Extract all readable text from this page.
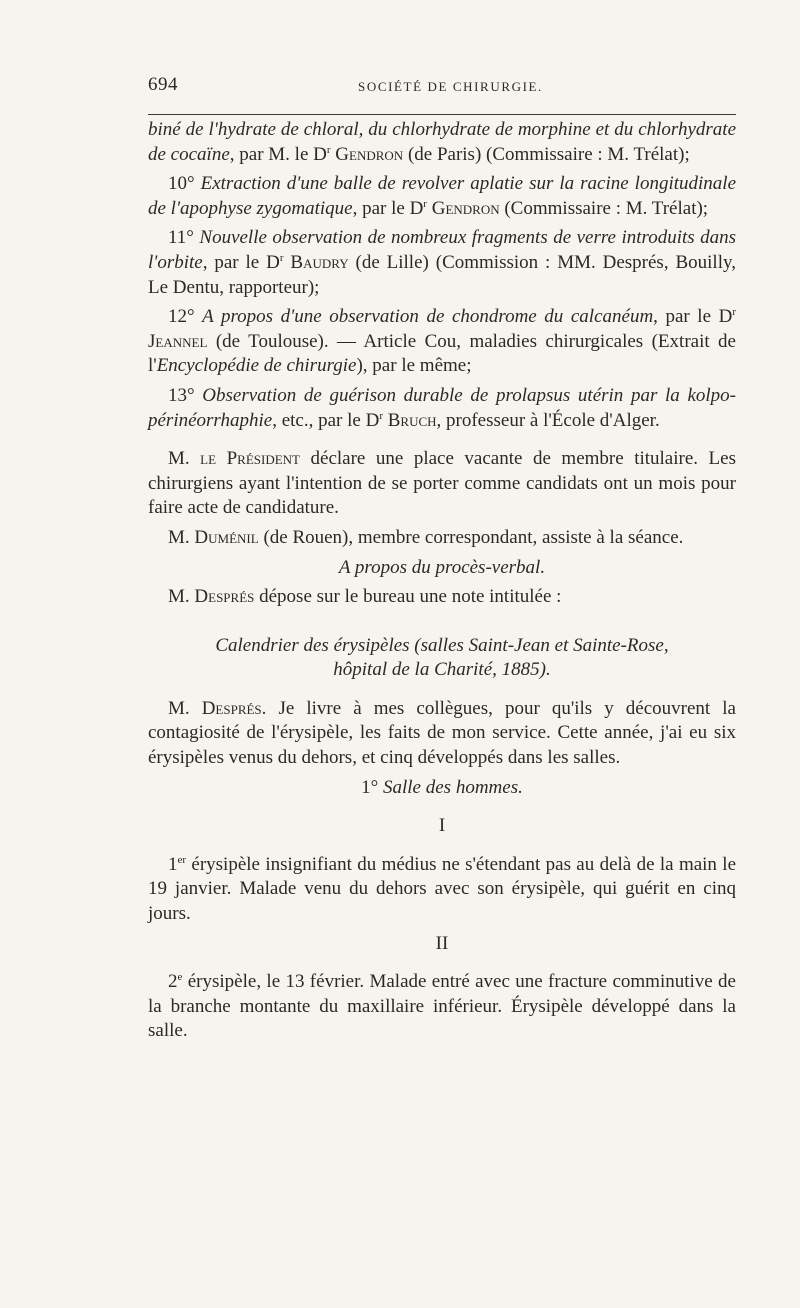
694	SOCIÉTÉ DE CHIRURGIE.

biné de l'hydrate de chloral, du chlorhydrate de morphine et du chlorhydrate de cocaïne, par M. le $D^r$ Gendron (de Paris) (Commissaire : M. Trélat);

10° Extraction d'une balle de revolver aplatie sur la racine longitudinale de l'apophyse zygomatique, par le $D^r$ Gendron (Commissaire : M. Trélat);

11° Nouvelle observation de nombreux fragments de verre introduits dans l'orbite, par le $D^r$ Baudry (de Lille) (Commission : MM. Després, Bouilly, Le Dentu, rapporteur);

12° A propos d'une observation de chondrome du calcanéum, par le $D^r$ Jeannel (de Toulouse). — Article Cou, maladies chirurgicales (Extrait de l'Encyclopédie de chirurgie), par le même;

13° Observation de guérison durable de prolapsus utérin par la kolpo-périnéorrhaphie, etc., par le $D^r$ Bruch, professeur à l'École d'Alger.

M. le Président déclare une place vacante de membre titulaire. Les chirurgiens ayant l'intention de se porter comme candidats ont un mois pour faire acte de candidature.

M. Duménil (de Rouen), membre correspondant, assiste à la séance.

A propos du procès-verbal.

M. Després dépose sur le bureau une note intitulée :

Calendrier des érysipèles (salles Saint-Jean et Sainte-Rose,

hôpital de la Charité, 1885).

M. Després. Je livre à mes collègues, pour qu'ils y découvrent la contagiosité de l'érysipèle, les faits de mon service. Cette année, j'ai eu six érysipèles venus du dehors, et cinq développés dans les salles.

1° Salle des hommes.

I

1er érysipèle insignifiant du médius ne s'étendant pas au delà de la main le 19 janvier. Malade venu du dehors avec son érysipèle, qui guérit en cinq jours.

II

2e érysipèle, le 13 février. Malade entré avec une fracture comminutive de la branche montante du maxillaire inférieur. Érysipèle développé dans la salle.
